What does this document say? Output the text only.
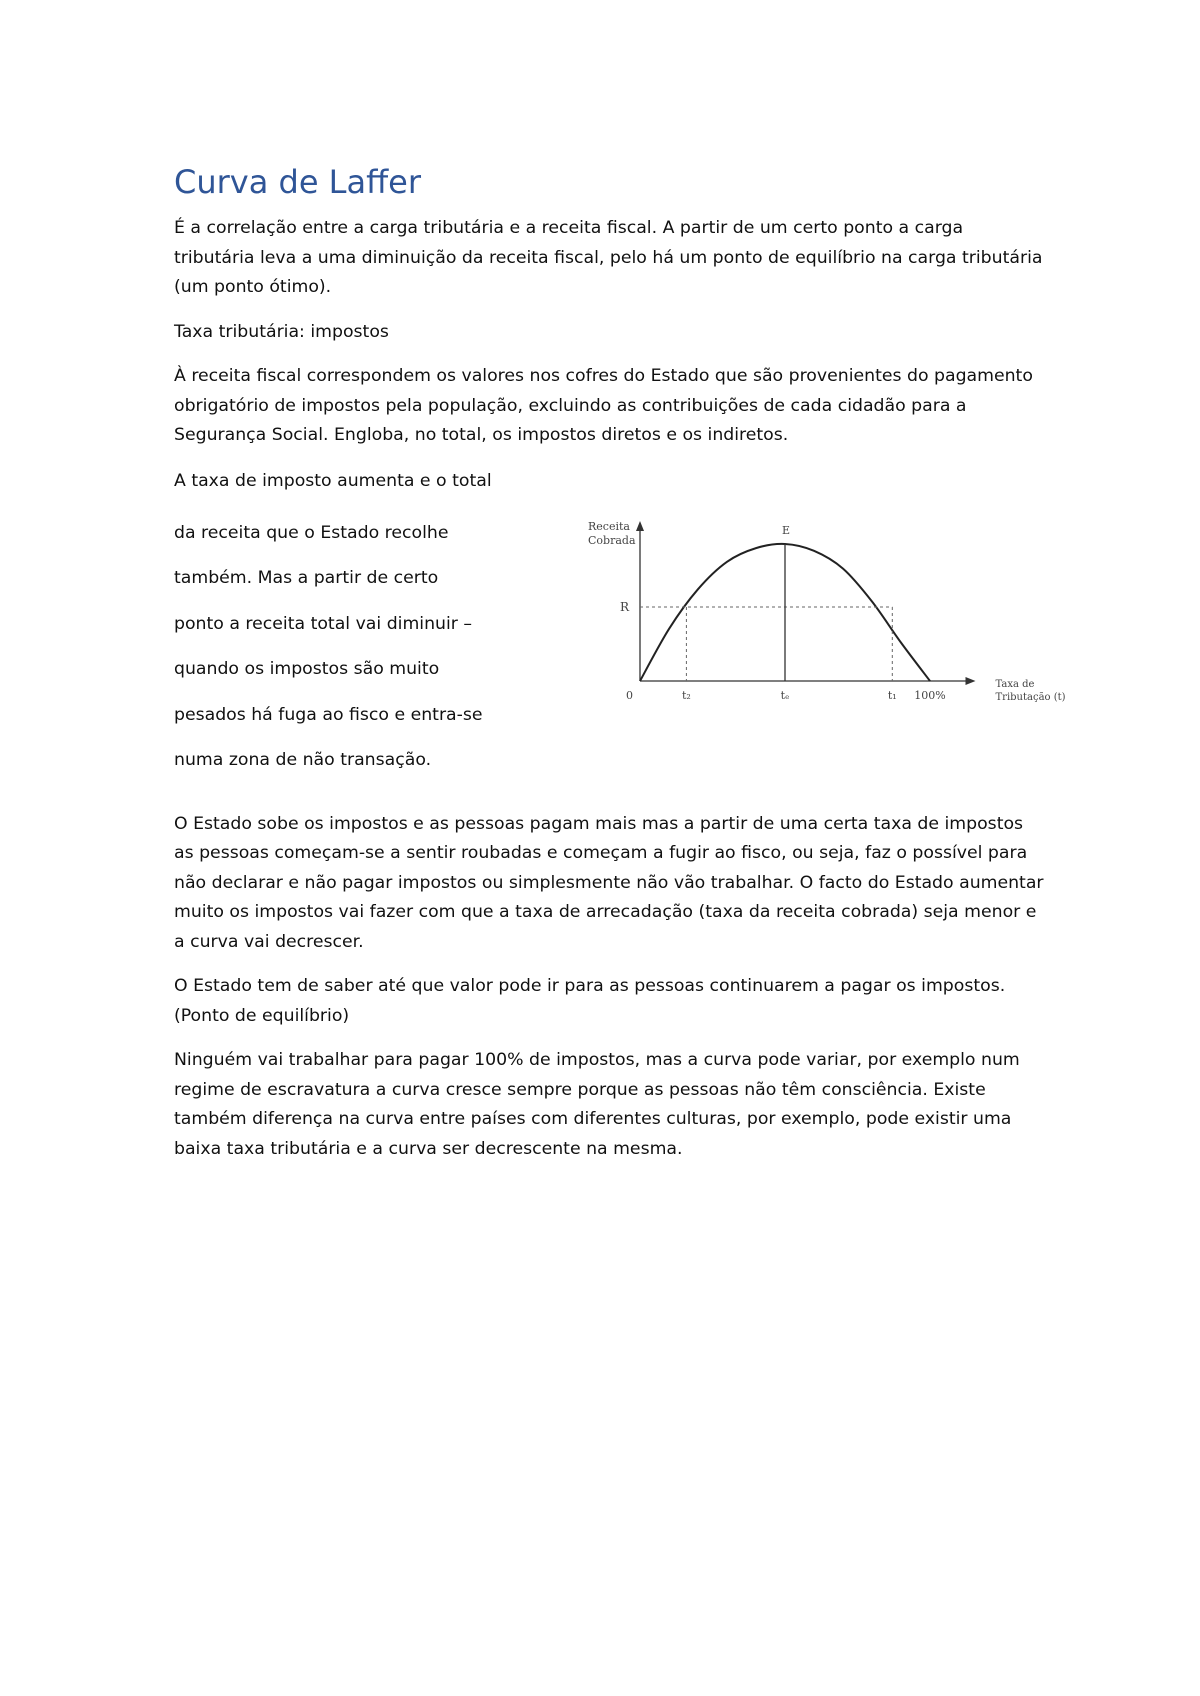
Curva de Laffer

É a correlação entre a carga tributária e a receita fiscal. A partir de um certo ponto a carga tributária leva a uma diminuição da receita fiscal, pelo há um ponto de equilíbrio na carga tributária (um ponto ótimo).

Taxa tributária: impostos

À receita fiscal correspondem os valores nos cofres do Estado que são provenientes do pagamento obrigatório de impostos pela população, excluindo as contribuições de cada cidadão para a Segurança Social. Engloba, no total, os impostos diretos e os indiretos.

A taxa de imposto aumenta e o total
da receita que o Estado recolhe
também. Mas a partir de certo
ponto a receita total vai diminuir –
quando os impostos são muito
pesados há fuga ao fisco e entra-se
numa zona de não transação.
Receita
Cobrada
Taxa de
Tributação (t)
E
R
0	t₂	tₑ	t₁ 100%

O Estado sobe os impostos e as pessoas pagam mais mas a partir de uma certa taxa de impostos as pessoas começam-se a sentir roubadas e começam a fugir ao fisco, ou seja, faz o possível para não declarar e não pagar impostos ou simplesmente não vão trabalhar. O facto do Estado aumentar muito os impostos vai fazer com que a taxa de arrecadação (taxa da receita cobrada) seja menor e a curva vai decrescer.

O Estado tem de saber até que valor pode ir para as pessoas continuarem a pagar os impostos. (Ponto de equilíbrio)

Ninguém vai trabalhar para pagar 100% de impostos, mas a curva pode variar, por exemplo num regime de escravatura a curva cresce sempre porque as pessoas não têm consciência. Existe também diferença na curva entre países com diferentes culturas, por exemplo, pode existir uma baixa taxa tributária e a curva ser decrescente na mesma.
